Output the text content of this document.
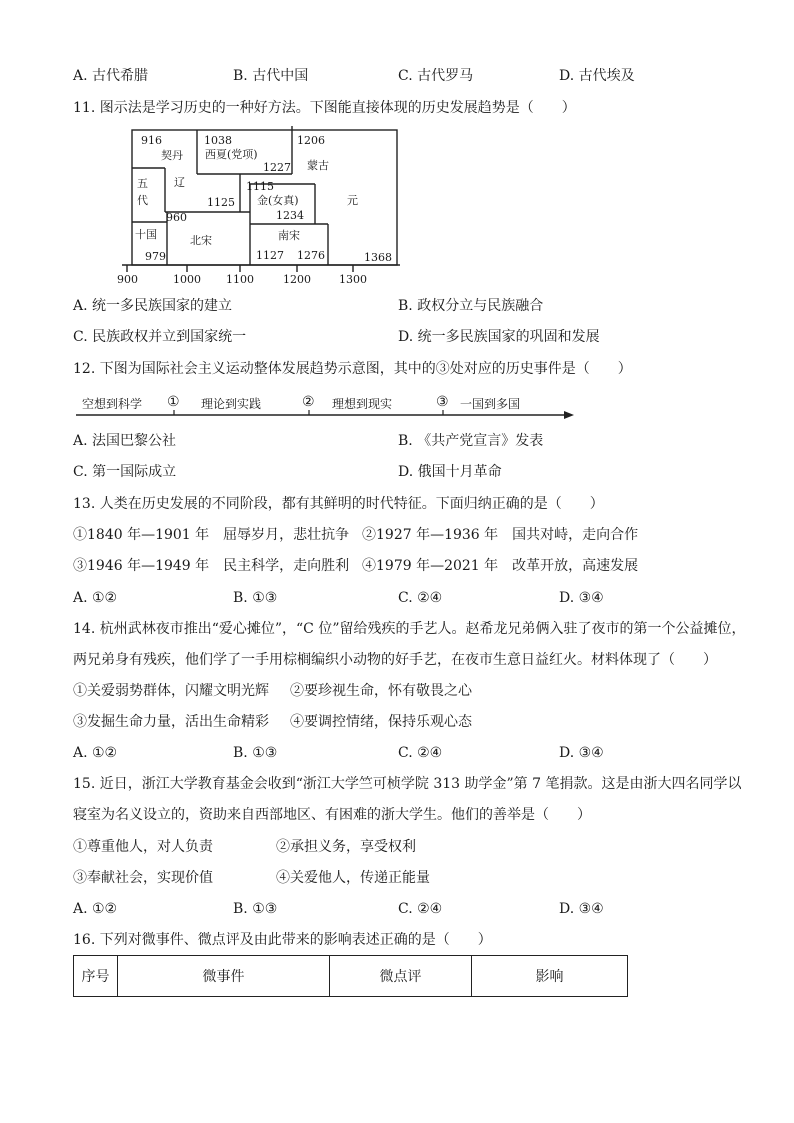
A. 古代希腊	B. 古代中国	C. 古代罗马	D. 古代埃及
11. 图示法是学习历史的一种好方法。下图能直接体现的历史发展趋势是（　　）
916
契丹
1038
西夏(党项)
1227
1206
蒙古
五
代
辽	1115
金(女真)
1125
1234
元
960
十国
979
北宋	南宋
1127 1276	1368
900	1000 1100	1200	1300
A. 统一多民族国家的建立	B. 政权分立与民族融合
C. 民族政权并立到国家统一	D. 统一多民族国家的巩固和发展
12. 下图为国际社会主义运动整体发展趋势示意图，其中的③处对应的历史事件是（　　）
空想到科学 ① 理论到实践	② 理想到现实	③ 一国到多国
A. 法国巴黎公社	B. 《共产党宣言》发表
C. 第一国际成立	D. 俄国十月革命
13. 人类在历史发展的不同阶段，都有其鲜明的时代特征。下面归纳正确的是（　　）
①1840 年—1901 年　屈辱岁月，悲壮抗争 ②1927 年—1936 年　国共对峙，走向合作
③1946 年—1949 年　民主科学，走向胜利 ④1979 年—2021 年　改革开放，高速发展
A. ①②	B. ①③	C. ②④	D. ③④
14. 杭州武林夜市推出“爱心摊位”，“C 位”留给残疾的手艺人。赵希龙兄弟俩入驻了夜市的第一个公益摊位，
两兄弟身有残疾，他们学了一手用棕榈编织小动物的好手艺，在夜市生意日益红火。材料体现了（　　）
①关爱弱势群体，闪耀文明光辉 ②要珍视生命，怀有敬畏之心
③发掘生命力量，活出生命精彩 ④要调控情绪，保持乐观心态
A. ①②	B. ①③	C. ②④	D. ③④
15. 近日，浙江大学教育基金会收到“浙江大学竺可桢学院 313 助学金”第 7 笔捐款。这是由浙大四名同学以
寝室为名义设立的，资助来自西部地区、有困难的浙大学生。他们的善举是（　　）
①尊重他人，对人负责	②承担义务，享受权利
③奉献社会，实现价值	④关爱他人，传递正能量
A. ①②	B. ①③	C. ②④	D. ③④
16. 下列对微事件、微点评及由此带来的影响表述正确的是（　　）
序号	微事件	微点评	影响
